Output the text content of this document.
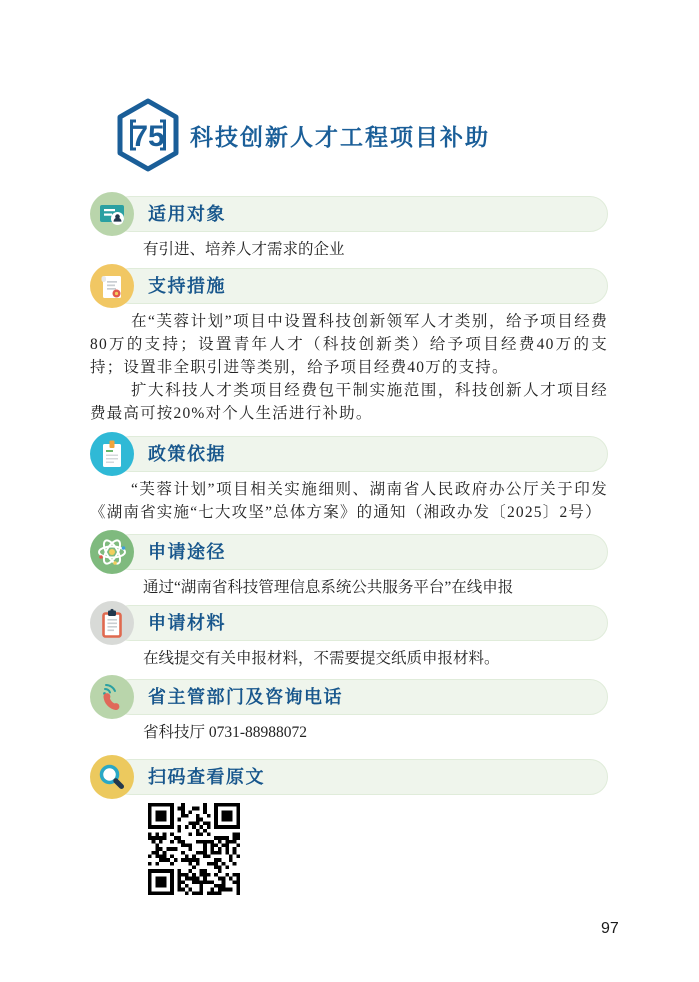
75 科技创新人才工程项目补助
适用对象

有引进、培养人才需求的企业

支持措施

在“芙蓉计划”项目中设置科技创新领军人才类别，给予项目经费80万的支持；设置青年人才（科技创新类）给予项目经费40万的支持；设置非全职引进等类别，给予项目经费40万的支持。

扩大科技人才类项目经费包干制实施范围，科技创新人才项目经费最高可按20%对个人生活进行补助。

政策依据

“芙蓉计划”项目相关实施细则、湖南省人民政府办公厅关于印发《湖南省实施“七大攻坚”总体方案》的通知（湘政办发〔2025〕2号）

申请途径

通过“湖南省科技管理信息系统公共服务平台”在线申报

申请材料

在线提交有关申报材料，不需要提交纸质申报材料。

省主管部门及咨询电话

省科技厅 0731-88988072

扫码查看原文
97
